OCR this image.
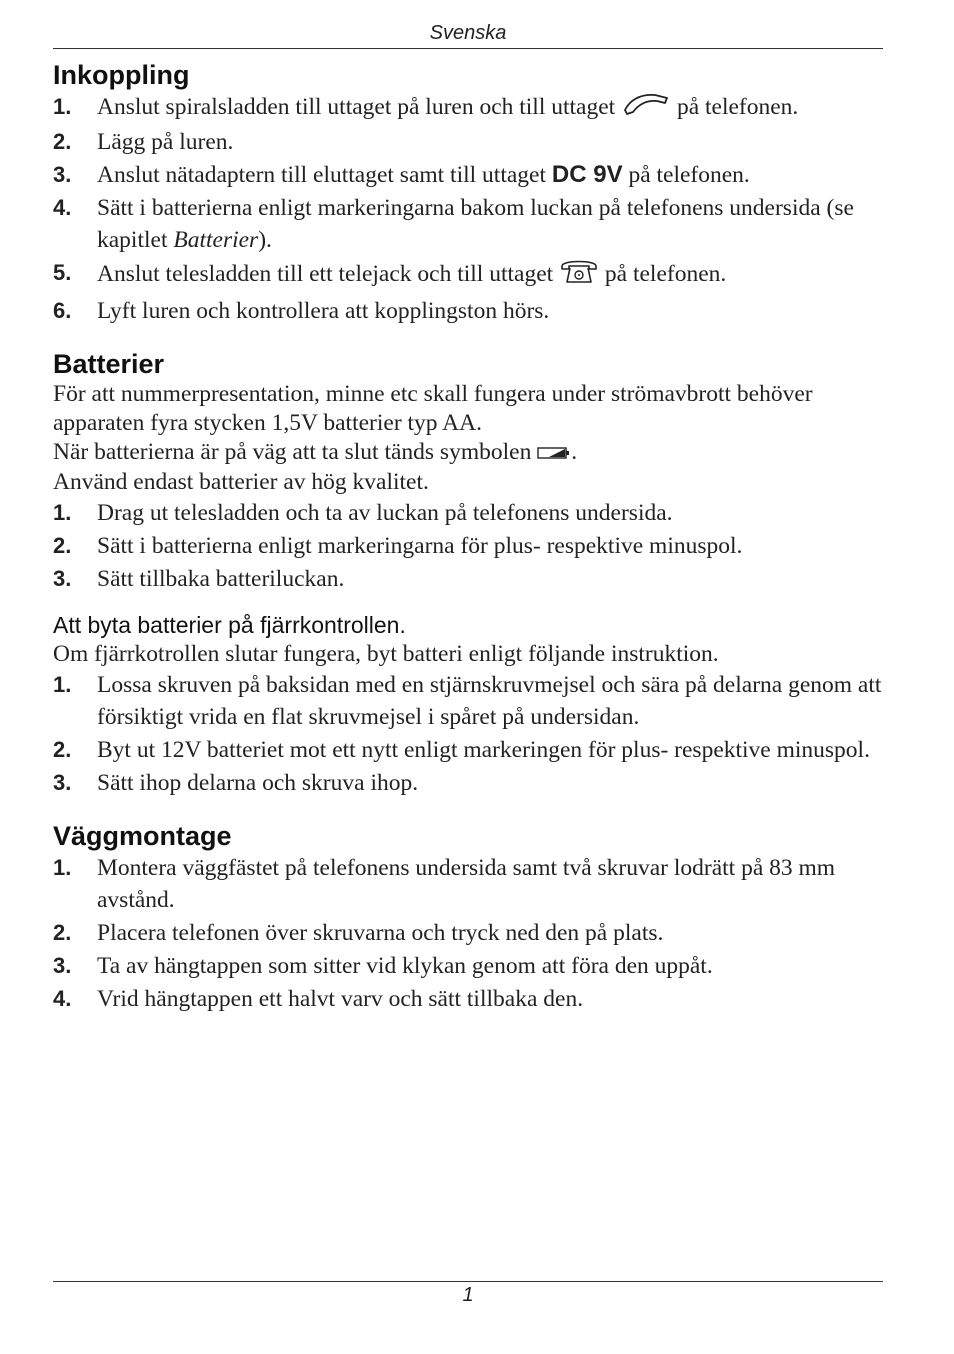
Svenska
Inkoppling
1. Anslut spiralsladden till uttaget på luren och till uttaget	på telefonen.
2. Lägg på luren.
3. Anslut nätadaptern till eluttaget samt till uttaget DC 9V på telefonen.
4. Sätt i batterierna enligt markeringarna bakom luckan på telefonens undersida (se kapitlet Batterier).
5. Anslut telesladden till ett telejack och till uttaget på telefonen.
6. Lyft luren och kontrollera att kopplingston hörs.
Batterier

För att nummerpresentation, minne etc skall fungera under strömavbrott behöver apparaten fyra stycken 1,5V batterier typ AA.

När batterierna är på väg att ta slut tänds symbolen .

Använd endast batterier av hög kvalitet.

1. Drag ut telesladden och ta av luckan på telefonens undersida.
2. Sätt i batterierna enligt markeringarna för plus- respektive minuspol.
3. Sätt tillbaka batteriluckan.
Att byta batterier på fjärrkontrollen.

Om fjärrkotrollen slutar fungera, byt batteri enligt följande instruktion.

1. Lossa skruven på baksidan med en stjärnskruvmejsel och sära på delarna genom att försiktigt vrida en flat skruvmejsel i spåret på undersidan.
2. Byt ut 12V batteriet mot ett nytt enligt markeringen för plus- respektive minuspol.
3. Sätt ihop delarna och skruva ihop.
Väggmontage
1. Montera väggfästet på telefonens undersida samt två skruvar lodrätt på 83 mm avstånd.
2. Placera telefonen över skruvarna och tryck ned den på plats.
3. Ta av hängtappen som sitter vid klykan genom att föra den uppåt.
4. Vrid hängtappen ett halvt varv och sätt tillbaka den.
1
